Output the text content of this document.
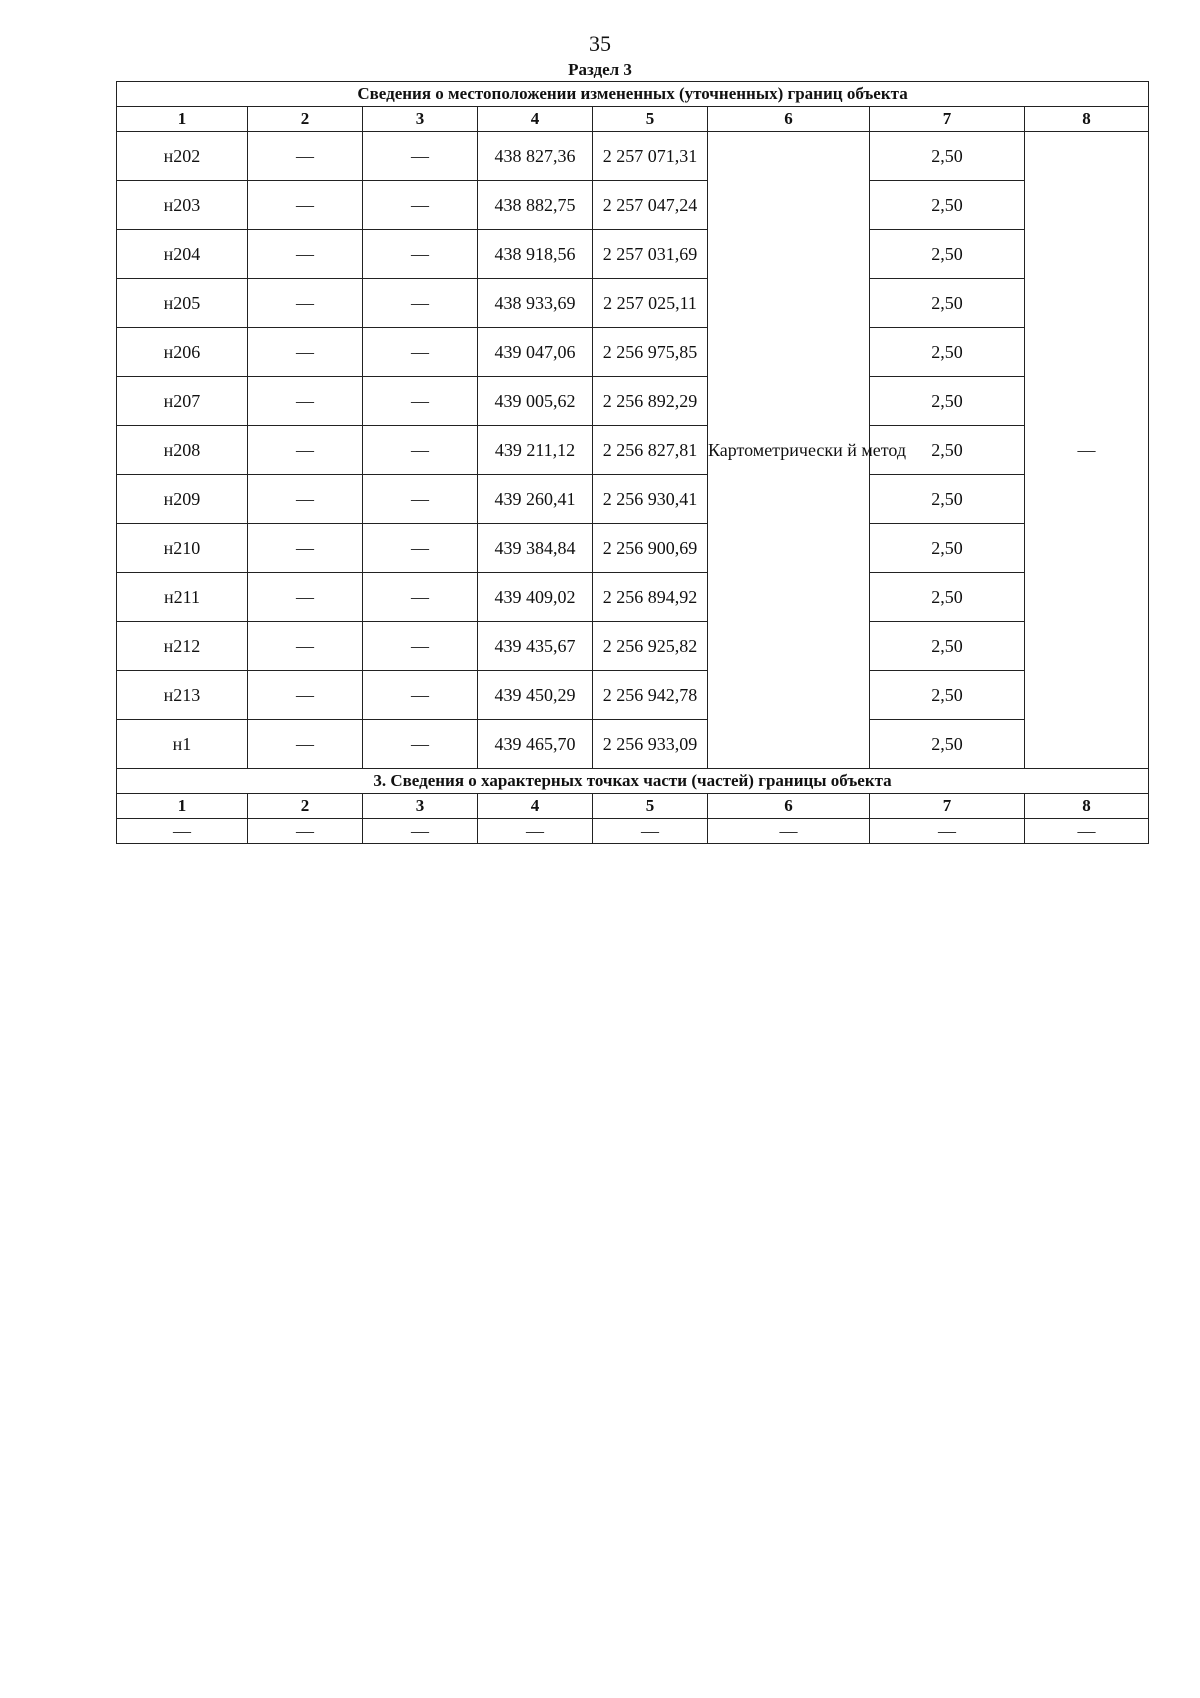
35
Раздел 3
Сведения о местоположении измененных (уточненных) границ объекта							
1	2	3	4	5	6	7	8
н202	—	—	438 827,36	2 257 071,31	Картометрически й метод	2,50	—
н203	—	—	438 882,75	2 257 047,24		2,50	
н204	—	—	438 918,56	2 257 031,69		2,50	
н205	—	—	438 933,69	2 257 025,11		2,50	
н206	—	—	439 047,06	2 256 975,85		2,50	
н207	—	—	439 005,62	2 256 892,29		2,50	
н208	—	—	439 211,12	2 256 827,81		2,50	
н209	—	—	439 260,41	2 256 930,41		2,50	
н210	—	—	439 384,84	2 256 900,69		2,50	
н211	—	—	439 409,02	2 256 894,92		2,50	
н212	—	—	439 435,67	2 256 925,82		2,50	
н213	—	—	439 450,29	2 256 942,78		2,50	
н1	—	—	439 465,70	2 256 933,09		2,50	
3. Сведения о характерных точках части (частей) границы объекта							
1	2	3	4	5	6	7	8
—	—	—	—	—	—	—	—
